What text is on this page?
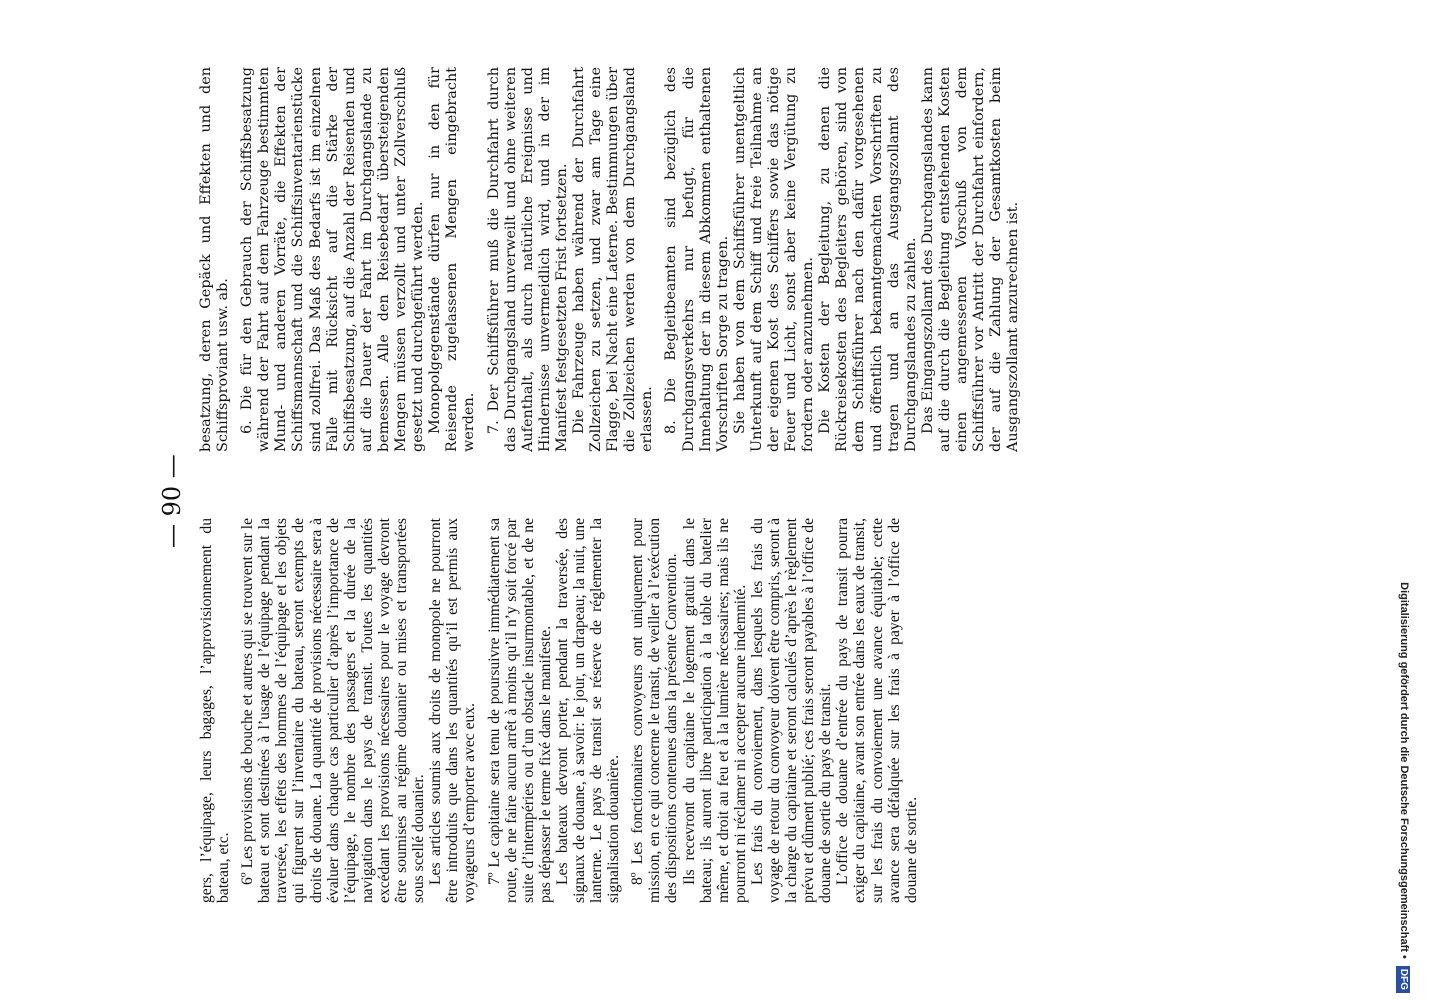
gers, l’équipage, leurs bagages, l’approvisionnement du bateau, etc. 6º Les provisions de bouche et autres qui se trouvent sur le bateau et sont destinées à l’usage de l’équipage pendant la traversée, les effets des hommes de l’équipage et les objets qui figurent sur l’inventaire du bateau, seront exempts de droits de douane. La quantité de provisions nécessaire sera à évaluer dans chaque cas particulier d’après l’importance de l’équipage, le nombre des passagers et la durée de la navigation dans le pays de transit. Toutes les quantités excédant les provisions nécessaires pour le voyage devront être soumises au régime douanier ou mises et transportées sous scellé douanier. Les articles soumis aux droits de monopole ne pourront être introduits que dans les quantités qu’il est permis aux voyageurs d’emporter avec eux. 7º Le capitaine sera tenu de poursuivre immédiatement sa route, de ne faire aucun arrêt à moins qu’il n’y soit forcé par suite d’intempéries ou d’un obstacle insurmontable, et de ne pas dépasser le terme fixé dans le manifeste. Les bateaux devront porter, pendant la traversée, des signaux de douane, à savoir: le jour, un drapeau; la nuit, une lanterne. Le pays de transit se réserve de réglementer la signalisation douanière. 8º Les fonctionnaires convoyeurs ont uniquement pour mission, en ce qui concerne le transit, de veiller à l’exécution des dispositions contenues dans la présente Convention. Ils recevront du capitaine le logement gratuit dans le bateau; ils auront libre participation à la table du batelier même, et droit au feu et à la lumière nécessaires; mais ils ne pourront ni réclamer ni accepter aucune indemnité. Les frais du convoiement, dans lesquels les frais du voyage de retour du convoyeur doivent être compris, seront à la charge du capitaine et seront calculés d’après le règlement prévu et dûment publié; ces frais seront payables à l’office de douane de sortie du pays de transit. L’office de douane d’entrée du pays de transit pourra exiger du capitaine, avant son entrée dans les eaux de transit, sur les frais du convoiement une avance équitable; cette avance sera défalquée sur les frais à payer à l’office de douane de sortie.

— 90 —

besatzung, deren Gepäck und Effekten und den Schiffsproviant usw. ab. 6. Die für den Gebrauch der Schiffsbesatzung während der Fahrt auf dem Fahrzeuge bestimmten Mund- und anderen Vorräte, die Effekten der Schiffsmannschaft und die Schiffsinventarienstücke sind zollfrei. Das Maß des Bedarfs ist im einzelnen Falle mit Rücksicht auf die Stärke der Schiffsbesatzung, auf die Anzahl der Reisenden und auf die Dauer der Fahrt im Durchgangslande zu bemessen. Alle den Reisebedarf übersteigenden Mengen müssen verzollt und unter Zollverschluß gesetzt und durchgeführt werden. Monopolgegenstände dürfen nur in den für Reisende zugelassenen Mengen eingebracht werden. 7. Der Schiffsführer muß die Durchfahrt durch das Durchgangsland unverweilt und ohne weiteren Aufenthalt, als durch natürliche Ereignisse und Hindernisse unvermeidlich wird, und in der im Manifest festgesetzten Frist fortsetzen. Die Fahrzeuge haben während der Durchfahrt Zollzeichen zu setzen, und zwar am Tage eine Flagge, bei Nacht eine Laterne. Bestimmungen über die Zollzeichen werden von dem Durchgangsland erlassen. 8. Die Begleitbeamten sind bezüglich des Durchgangsverkehrs nur befugt, für die Innehaltung der in diesem Abkommen enthaltenen Vorschriften Sorge zu tragen. Sie haben von dem Schiffsführer unentgeltlich Unterkunft auf dem Schiff und freie Teilnahme an der eigenen Kost des Schiffers sowie das nötige Feuer und Licht, sonst aber keine Vergütung zu fordern oder anzunehmen. Die Kosten der Begleitung, zu denen die Rückreisekosten des Begleiters gehören, sind von dem Schiffsführer nach den dafür vorgesehenen und öffentlich bekanntgemachten Vorschriften zu tragen und an das Ausgangszollamt des Durchgangslandes zu zahlen. Das Eingangszollamt des Durchgangslandes kann auf die durch die Begleitung entstehenden Kosten einen angemessenen Vorschuß von dem Schiffsführer vor Antritt der Durchfahrt einfordern, der auf die Zahlung der Gesamtkosten beim Ausgangszollamt anzurechnen ist.

Digitalisierung gefördert durch die Deutsche Forschungsgemeinschaft • DFG
